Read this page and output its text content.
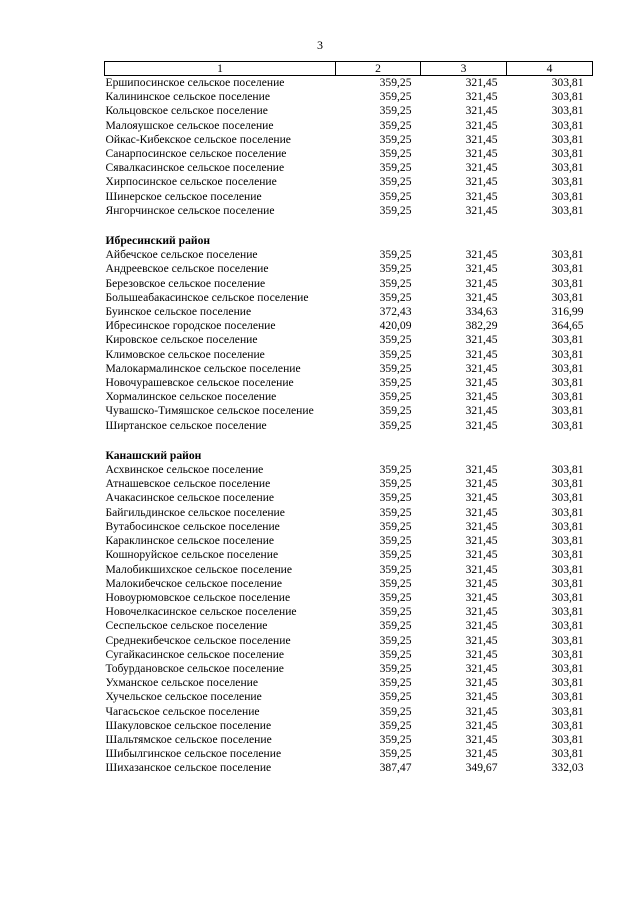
3
1	2	3	4
Ершипосинское сельское поселение	359,25	321,45	303,81
Калининское сельское поселение	359,25	321,45	303,81
Кольцовское сельское поселение	359,25	321,45	303,81
Малояушское сельское поселение	359,25	321,45	303,81
Ойкас-Кибекское сельское поселение	359,25	321,45	303,81
Санарпосинское сельское поселение	359,25	321,45	303,81
Сявалкасинское сельское поселение	359,25	321,45	303,81
Хирпосинское сельское поселение	359,25	321,45	303,81
Шинерское сельское поселение	359,25	321,45	303,81
Янгорчинское сельское поселение	359,25	321,45	303,81

Ибресинский район			
Айбечское сельское поселение	359,25	321,45	303,81
Андреевское сельское поселение	359,25	321,45	303,81
Березовское сельское поселение	359,25	321,45	303,81
Большеабакасинское сельское поселение	359,25	321,45	303,81
Буинское сельское поселение	372,43	334,63	316,99
Ибресинское городское поселение	420,09	382,29	364,65
Кировское сельское поселение	359,25	321,45	303,81
Климовское сельское поселение	359,25	321,45	303,81
Малокармалинское сельское поселение	359,25	321,45	303,81
Новочурашевское сельское поселение	359,25	321,45	303,81
Хормалинское сельское поселение	359,25	321,45	303,81
Чувашско-Тимяшское сельское поселение	359,25	321,45	303,81
Ширтанское сельское поселение	359,25	321,45	303,81

Канашский район			
Асхвинское сельское поселение	359,25	321,45	303,81
Атнашевское сельское поселение	359,25	321,45	303,81
Ачакасинское сельское поселение	359,25	321,45	303,81
Байгильдинское сельское поселение	359,25	321,45	303,81
Вутабосинское сельское поселение	359,25	321,45	303,81
Караклинское сельское поселение	359,25	321,45	303,81
Кошноруйское сельское поселение	359,25	321,45	303,81
Малобикшихское сельское поселение	359,25	321,45	303,81
Малокибечское сельское поселение	359,25	321,45	303,81
Новоурюмовское сельское поселение	359,25	321,45	303,81
Новочелкасинское сельское поселение	359,25	321,45	303,81
Сеспельское сельское поселение	359,25	321,45	303,81
Среднекибечское сельское поселение	359,25	321,45	303,81
Сугайкасинское сельское поселение	359,25	321,45	303,81
Тобурдановское сельское поселение	359,25	321,45	303,81
Ухманское сельское поселение	359,25	321,45	303,81
Хучельское сельское поселение	359,25	321,45	303,81
Чагасьское сельское поселение	359,25	321,45	303,81
Шакуловское сельское поселение	359,25	321,45	303,81
Шальтямское сельское поселение	359,25	321,45	303,81
Шибылгинское сельское поселение	359,25	321,45	303,81
Шихазанское сельское поселение	387,47	349,67	332,03
